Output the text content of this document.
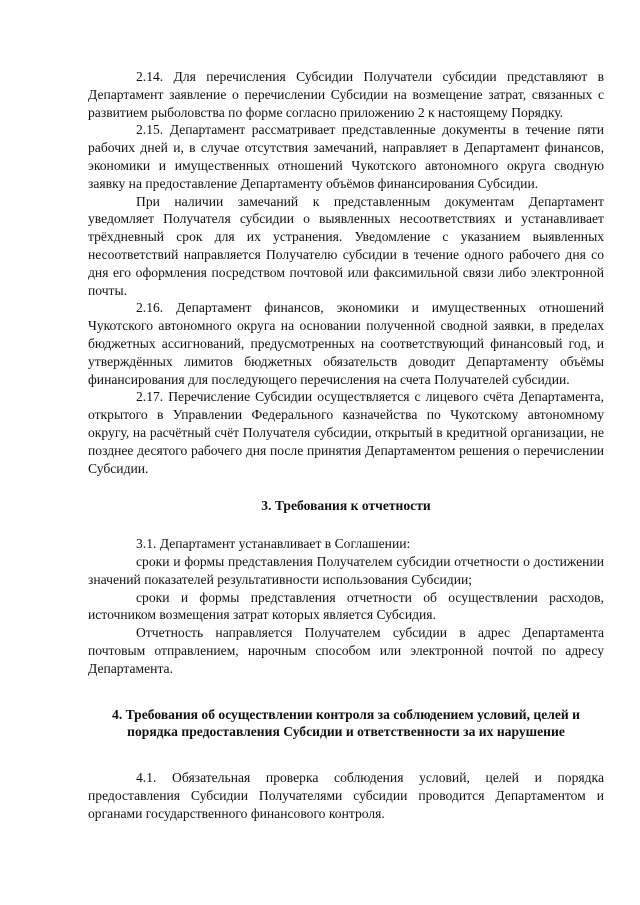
2.14. Для перечисления Субсидии Получатели субсидии представляют в Департамент заявление о перечислении Субсидии на возмещение затрат, связанных с развитием рыболовства по форме согласно приложению 2 к настоящему Порядку.

2.15. Департамент рассматривает представленные документы в течение пяти рабочих дней и, в случае отсутствия замечаний, направляет в Департамент финансов, экономики и имущественных отношений Чукотского автономного округа сводную заявку на предоставление Департаменту объёмов финансирования Субсидии.

При наличии замечаний к представленным документам Департамент уведомляет Получателя субсидии о выявленных несоответствиях и устанавливает трёхдневный срок для их устранения. Уведомление с указанием выявленных несоответствий направляется Получателю субсидии в течение одного рабочего дня со дня его оформления посредством почтовой или факсимильной связи либо электронной почты.

2.16. Департамент финансов, экономики и имущественных отношений Чукотского автономного округа на основании полученной сводной заявки, в пределах бюджетных ассигнований, предусмотренных на соответствующий финансовый год, и утверждённых лимитов бюджетных обязательств доводит Департаменту объёмы финансирования для последующего перечисления на счета Получателей субсидии.

2.17. Перечисление Субсидии осуществляется с лицевого счёта Департамента, открытого в Управлении Федерального казначейства по Чукотскому автономному округу, на расчётный счёт Получателя субсидии, открытый в кредитной организации, не позднее десятого рабочего дня после принятия Департаментом решения о перечислении Субсидии.

3. Требования к отчетности

3.1. Департамент устанавливает в Соглашении:

сроки и формы представления Получателем субсидии отчетности о достижении значений показателей результативности использования Субсидии;

сроки и формы представления отчетности об осуществлении расходов, источником возмещения затрат которых является Субсидия.

Отчетность направляется Получателем субсидии в адрес Департамента почтовым отправлением, нарочным способом или электронной почтой по адресу Департамента.

4. Требования об осуществлении контроля за соблюдением условий, целей и порядка предоставления Субсидии и ответственности за их нарушение

4.1. Обязательная проверка соблюдения условий, целей и порядка предоставления Субсидии Получателями субсидии проводится Департаментом и органами государственного финансового контроля.
